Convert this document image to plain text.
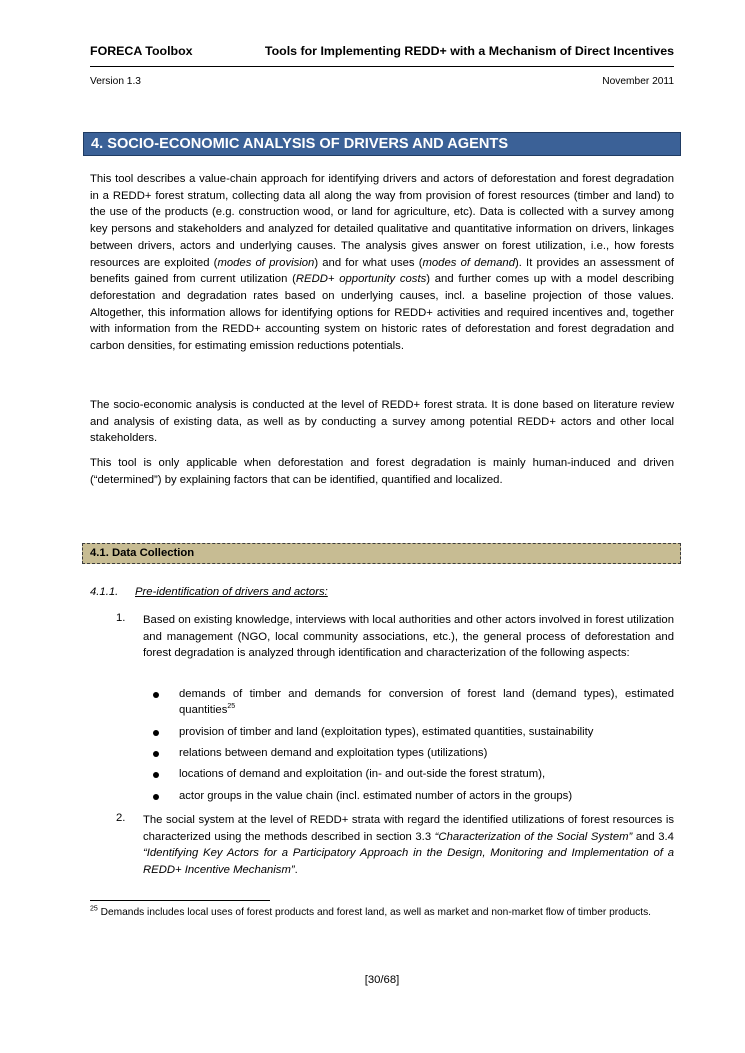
FORECA Toolbox	Tools for Implementing REDD+ with a Mechanism of Direct Incentives
Version 1.3	November 2011
4. SOCIO-ECONOMIC ANALYSIS OF DRIVERS AND AGENTS

This tool describes a value-chain approach for identifying drivers and actors of deforestation and forest degradation in a REDD+ forest stratum, collecting data all along the way from provision of forest resources (timber and land) to the use of the products (e.g. construction wood, or land for agriculture, etc). Data is collected with a survey among key persons and stakeholders and analyzed for detailed qualitative and quantitative information on drivers, linkages between drivers, actors and underlying causes. The analysis gives answer on forest utilization, i.e., how forests resources are exploited (modes of provision) and for what uses (modes of demand). It provides an assessment of benefits gained from current utilization (REDD+ opportunity costs) and further comes up with a model describing deforestation and degradation rates based on underlying causes, incl. a baseline projection of those values. Altogether, this information allows for identifying options for REDD+ activities and required incentives and, together with information from the REDD+ accounting system on historic rates of deforestation and forest degradation and carbon densities, for estimating emission reductions potentials.

The socio-economic analysis is conducted at the level of REDD+ forest strata. It is done based on literature review and analysis of existing data, as well as by conducting a survey among potential REDD+ actors and other local stakeholders.

This tool is only applicable when deforestation and forest degradation is mainly human-induced and driven (“determined”) by explaining factors that can be identified, quantified and localized.

4.1. Data Collection
4.1.1. Pre-identification of drivers and actors:
1. Based on existing knowledge, interviews with local authorities and other actors involved in forest utilization and management (NGO, local community associations, etc.), the general process of deforestation and forest degradation is analyzed through identification and characterization of the following aspects:

demands of timber and demands for conversion of forest land (demand types), estimated quantities$^{25}$

provision of timber and land (exploitation types), estimated quantities, sustainability

relations between demand and exploitation types (utilizations)

locations of demand and exploitation (in- and out-side the forest stratum),

actor groups in the value chain (incl. estimated number of actors in the groups)

2. The social system at the level of REDD+ strata with regard the identified utilizations of forest resources is characterized using the methods described in section 3.3 “Characterization of the Social System” and 3.4 “Identifying Key Actors for a Participatory Approach in the Design, Monitoring and Implementation of a REDD+ Incentive Mechanism”.

$^{25}$ Demands includes local uses of forest products and forest land, as well as market and non-market flow of timber products.

[30/68]
